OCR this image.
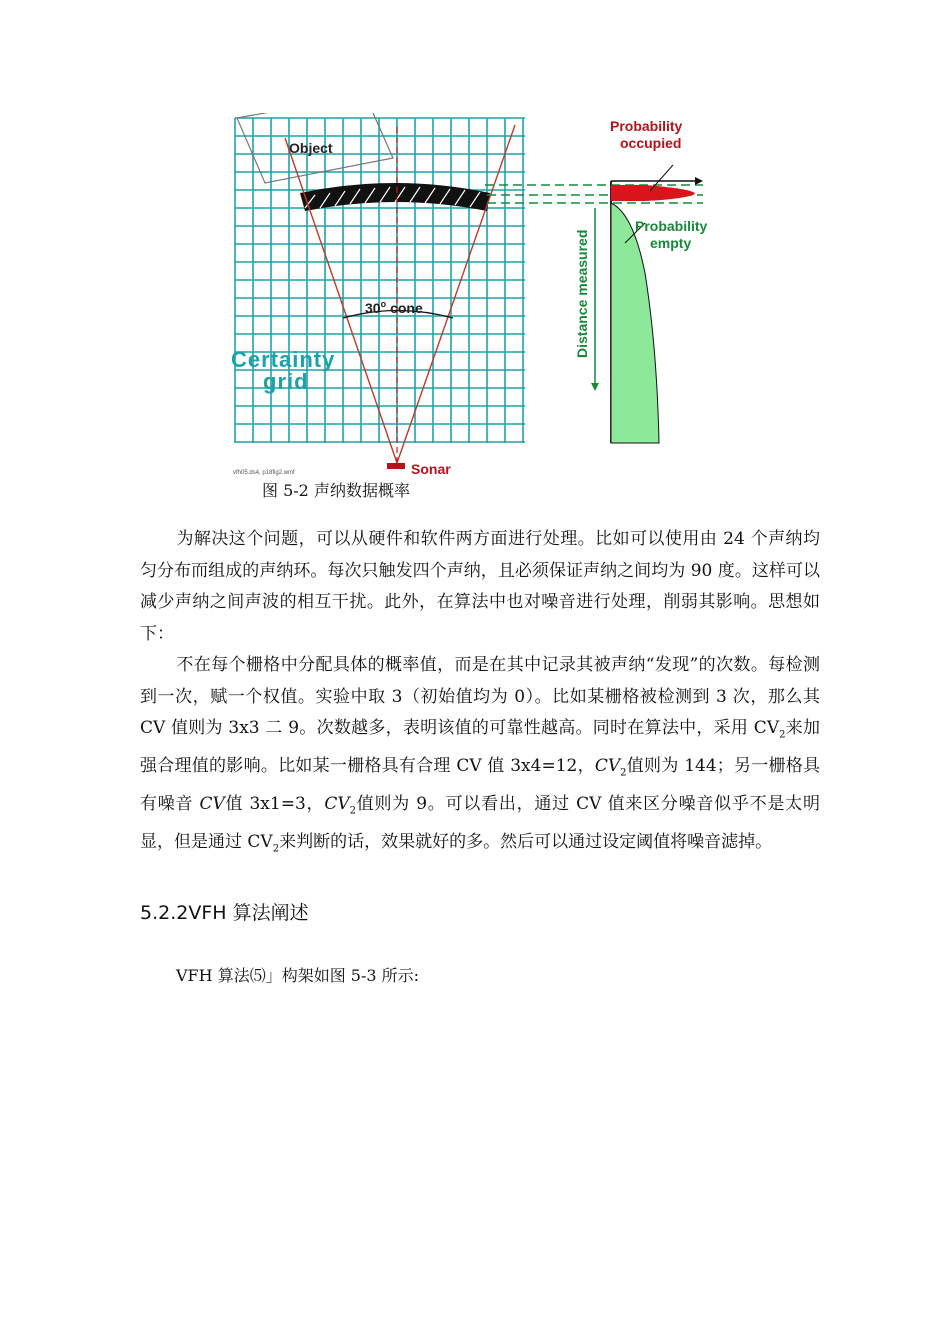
Object
30$^o$ cone
Certainty
grid
Sonar
vfh05.ds4, p18fig2.wmf
Probability
occupied
Probability
empty
Distance measured
图 5-2 声纳数据概率

为解决这个问题，可以从硬件和软件两方面进行处理。比如可以使用由 24 个声纳均匀分布而组成的声纳环。每次只触发四个声纳，且必须保证声纳之间均为 90 度。这样可以减少声纳之间声波的相互干扰。此外，在算法中也对噪音进行处理，削弱其影响。思想如下：

不在每个栅格中分配具体的概率值，而是在其中记录其被声纳“发现”的次数。每检测到一次，赋一个权值。实验中取 3（初始值均为 0）。比如某栅格被检测到 3 次，那么其 CV 值则为 3x3 二 9。次数越多，表明该值的可靠性越高。同时在算法中，采用 $CV_2$来加强合理值的影响。比如某一栅格具有合理 CV 值 3x4=12，$CV_2$值则为 144；另一栅格具有噪音 CV值 3x1=3，$CV_2$值则为 9。可以看出，通过 CV 值来区分噪音似乎不是太明显，但是通过 $CV_2$来判断的话，效果就好的多。然后可以通过设定阈值将噪音滤掉。

5.2.2VFH 算法阐述
VFH 算法⑸」构架如图 5-3 所示:
